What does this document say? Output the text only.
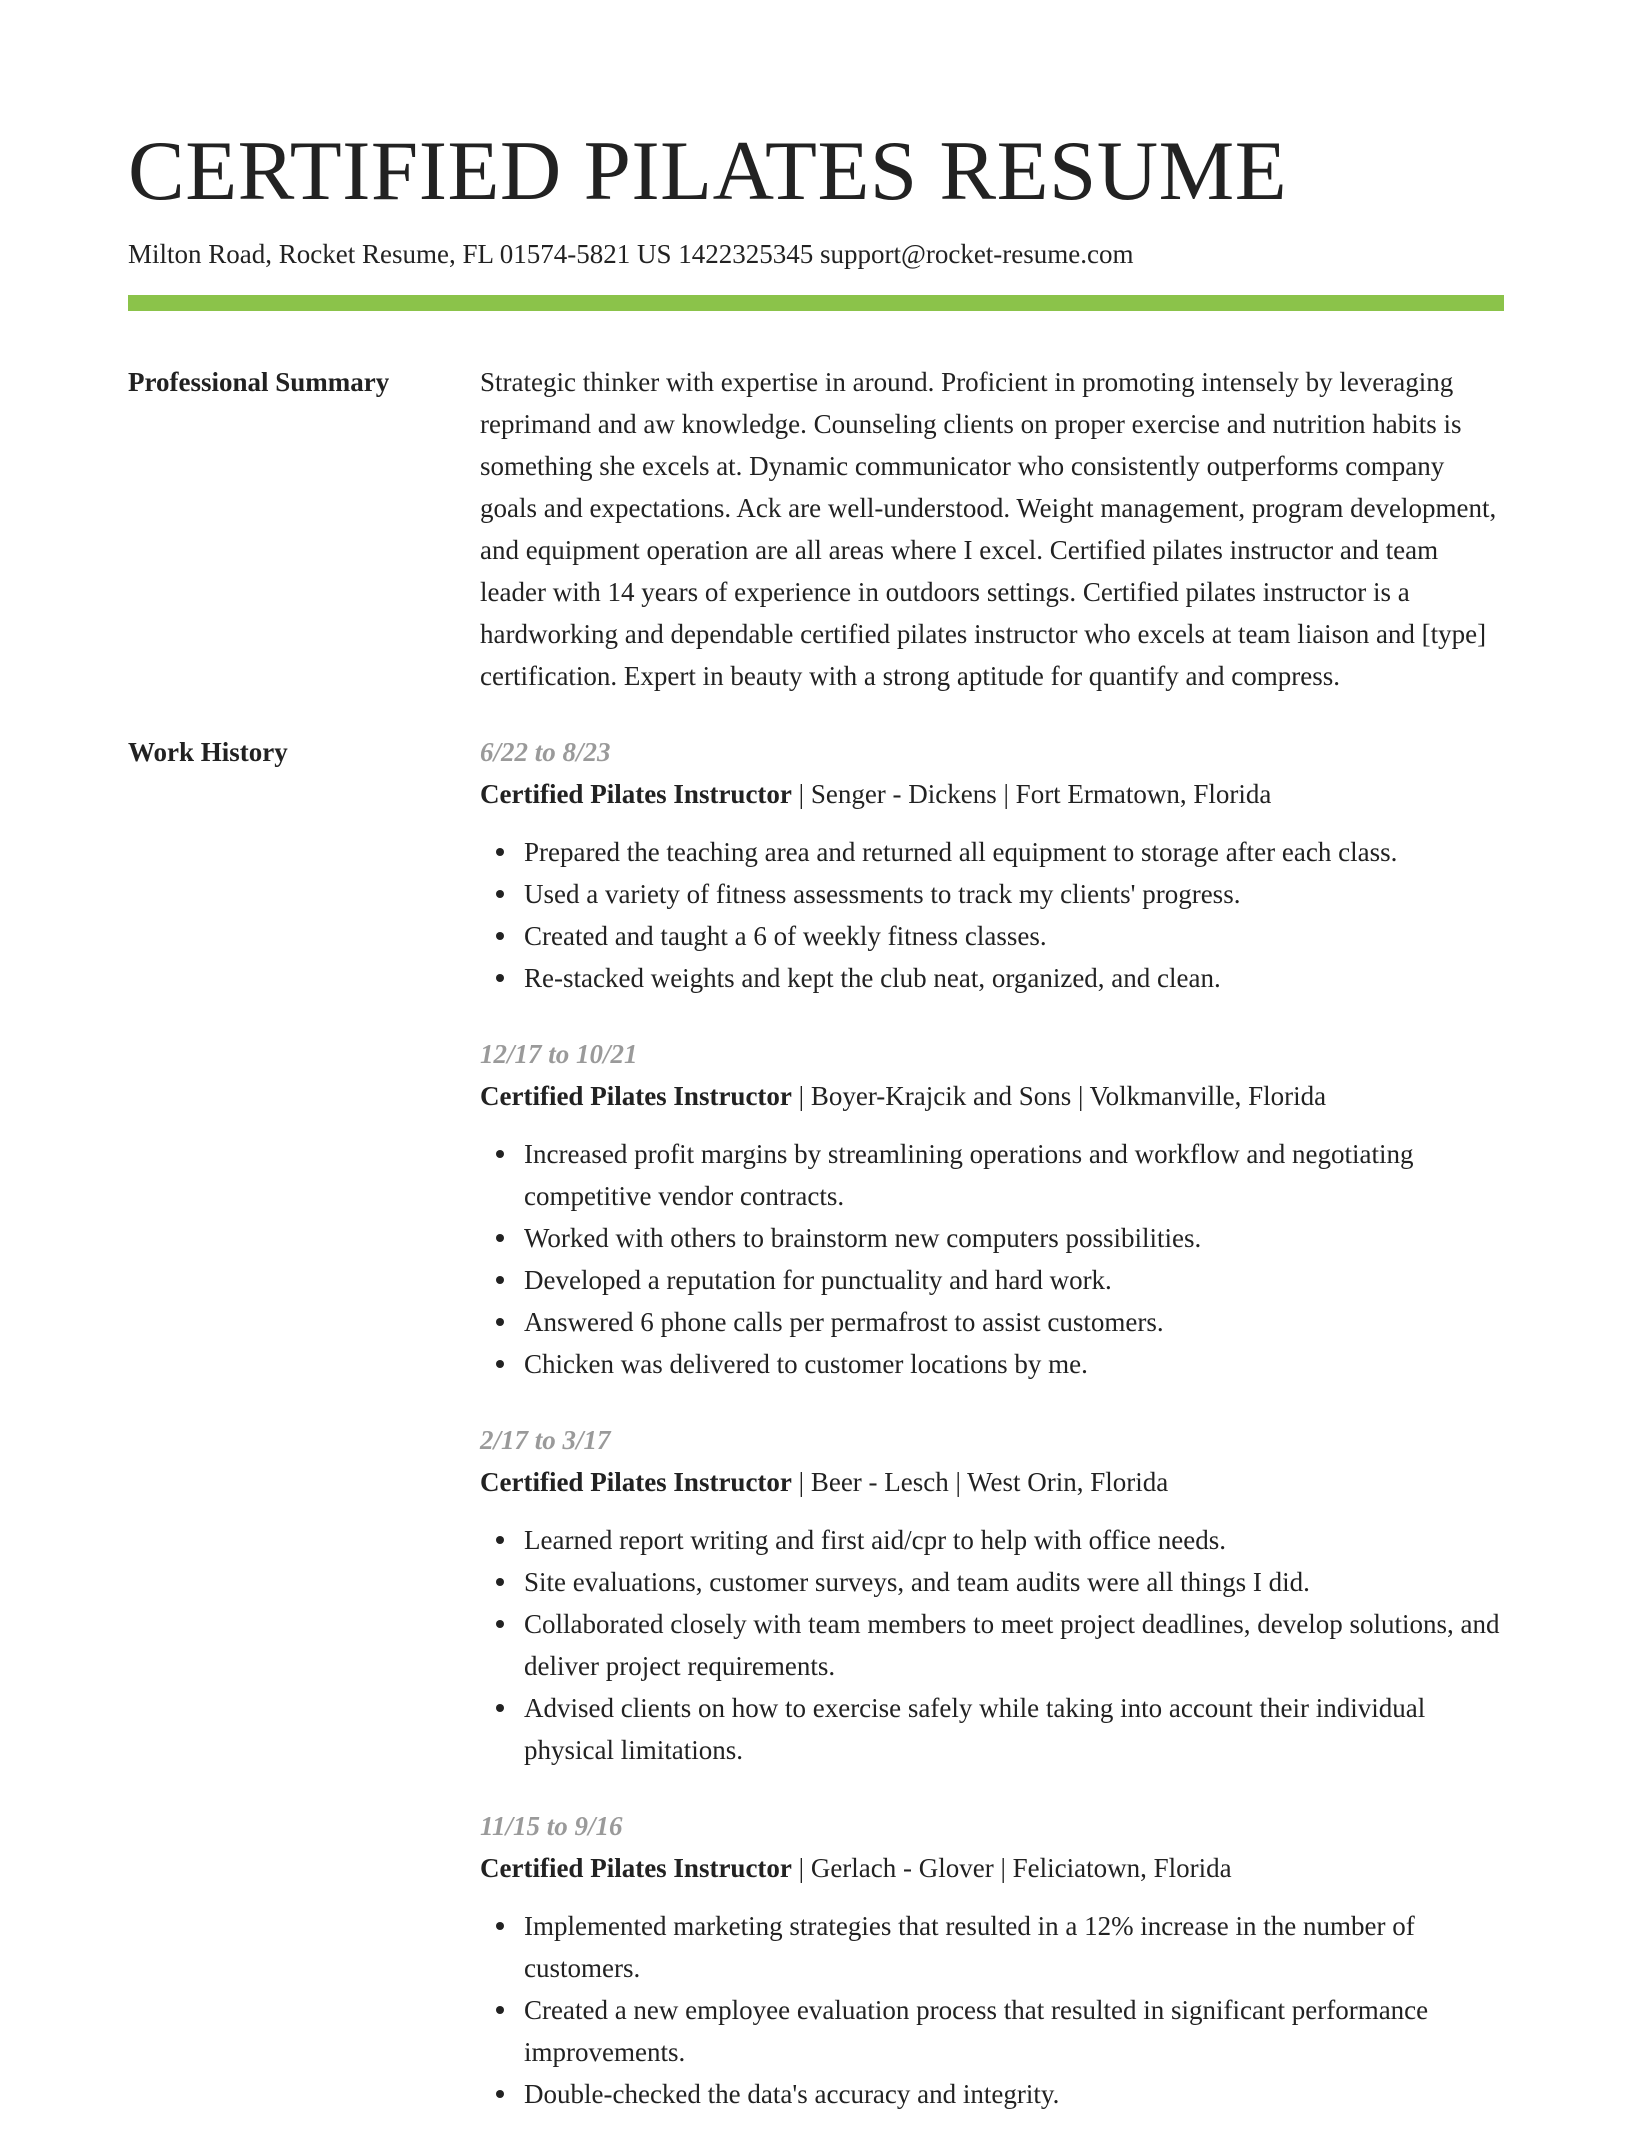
CERTIFIED PILATES RESUME
Milton Road, Rocket Resume, FL 01574-5821 US 1422325345 support@rocket-resume.com
Professional Summary	Strategic thinker with expertise in around. Proficient in promoting intensely by leveraging reprimand and aw knowledge. Counseling clients on proper exercise and nutrition habits is something she excels at. Dynamic communicator who consistently outperforms company goals and expectations. Ack are well-understood. Weight management, program development, and equipment operation are all areas where I excel. Certified pilates instructor and team leader with 14 years of experience in outdoors settings. Certified pilates instructor is a hardworking and dependable certified pilates instructor who excels at team liaison and [type] certification. Expert in beauty with a strong aptitude for quantify and compress.

Work History	6/22 to 8/23
Certified Pilates Instructor | Senger - Dickens | Fort Ermatown, Florida
Prepared the teaching area and returned all equipment to storage after each class.
Used a variety of fitness assessments to track my clients' progress.
Created and taught a 6 of weekly fitness classes.
Re-stacked weights and kept the club neat, organized, and clean.
12/17 to 10/21
Certified Pilates Instructor | Boyer-Krajcik and Sons | Volkmanville, Florida
Increased profit margins by streamlining operations and workflow and negotiating competitive vendor contracts.
Worked with others to brainstorm new computers possibilities.
Developed a reputation for punctuality and hard work.
Answered 6 phone calls per permafrost to assist customers.
Chicken was delivered to customer locations by me.
2/17 to 3/17
Certified Pilates Instructor | Beer - Lesch | West Orin, Florida
Learned report writing and first aid/cpr to help with office needs.
Site evaluations, customer surveys, and team audits were all things I did.
Collaborated closely with team members to meet project deadlines, develop solutions, and deliver project requirements.
Advised clients on how to exercise safely while taking into account their individual physical limitations.
11/15 to 9/16
Certified Pilates Instructor | Gerlach - Glover | Feliciatown, Florida
Implemented marketing strategies that resulted in a 12% increase in the number of customers.
Created a new employee evaluation process that resulted in significant performance improvements.
Double-checked the data's accuracy and integrity.
